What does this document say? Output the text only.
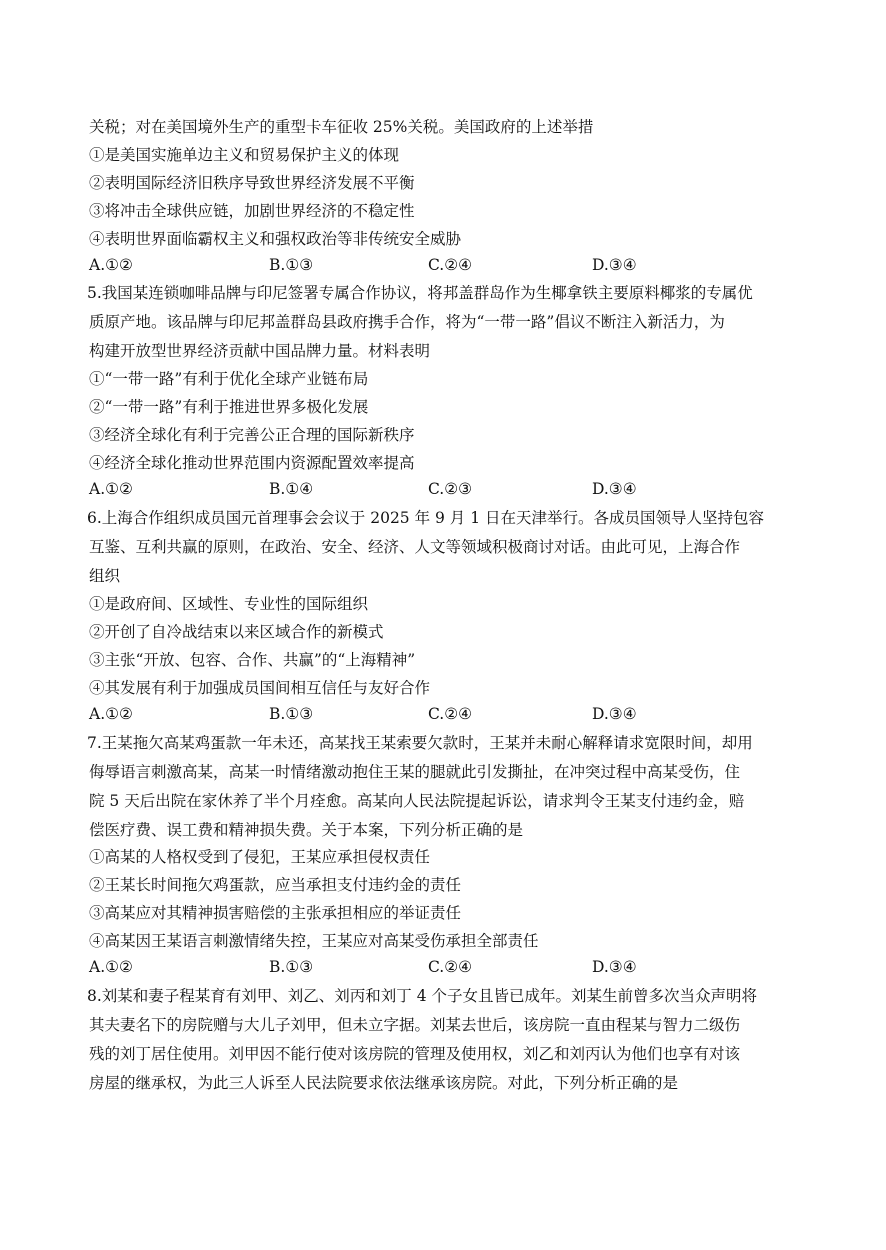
关税；对在美国境外生产的重型卡车征收 25%关税。美国政府的上述举措
①是美国实施单边主义和贸易保护主义的体现
②表明国际经济旧秩序导致世界经济发展不平衡
③将冲击全球供应链，加剧世界经济的不稳定性
④表明世界面临霸权主义和强权政治等非传统安全威胁
A.①②	B.①③	C.②④	D.③④
5.我国某连锁咖啡品牌与印尼签署专属合作协议，将邦盖群岛作为生椰拿铁主要原料椰浆的专属优
质原产地。该品牌与印尼邦盖群岛县政府携手合作，将为“一带一路”倡议不断注入新活力，为
构建开放型世界经济贡献中国品牌力量。材料表明
①“一带一路”有利于优化全球产业链布局
②“一带一路”有利于推进世界多极化发展
③经济全球化有利于完善公正合理的国际新秩序
④经济全球化推动世界范围内资源配置效率提高
A.①②	B.①④	C.②③	D.③④
6.上海合作组织成员国元首理事会会议于 2025 年 9 月 1 日在天津举行。各成员国领导人坚持包容
互鉴、互利共赢的原则，在政治、安全、经济、人文等领域积极商讨对话。由此可见，上海合作
组织
①是政府间、区域性、专业性的国际组织
②开创了自冷战结束以来区域合作的新模式
③主张“开放、包容、合作、共赢”的“上海精神”
④其发展有利于加强成员国间相互信任与友好合作
A.①②	B.①③	C.②④	D.③④
7.王某拖欠高某鸡蛋款一年未还，高某找王某索要欠款时，王某并未耐心解释请求宽限时间，却用
侮辱语言刺激高某，高某一时情绪激动抱住王某的腿就此引发撕扯，在冲突过程中高某受伤，住
院 5 天后出院在家休养了半个月痊愈。高某向人民法院提起诉讼，请求判令王某支付违约金，赔
偿医疗费、误工费和精神损失费。关于本案，下列分析正确的是
①高某的人格权受到了侵犯，王某应承担侵权责任
②王某长时间拖欠鸡蛋款，应当承担支付违约金的责任
③高某应对其精神损害赔偿的主张承担相应的举证责任
④高某因王某语言刺激情绪失控，王某应对高某受伤承担全部责任
A.①②	B.①③	C.②④	D.③④
8.刘某和妻子程某育有刘甲、刘乙、刘丙和刘丁 4 个子女且皆已成年。刘某生前曾多次当众声明将
其夫妻名下的房院赠与大儿子刘甲，但未立字据。刘某去世后，该房院一直由程某与智力二级伤
残的刘丁居住使用。刘甲因不能行使对该房院的管理及使用权，刘乙和刘丙认为他们也享有对该
房屋的继承权，为此三人诉至人民法院要求依法继承该房院。对此，下列分析正确的是
